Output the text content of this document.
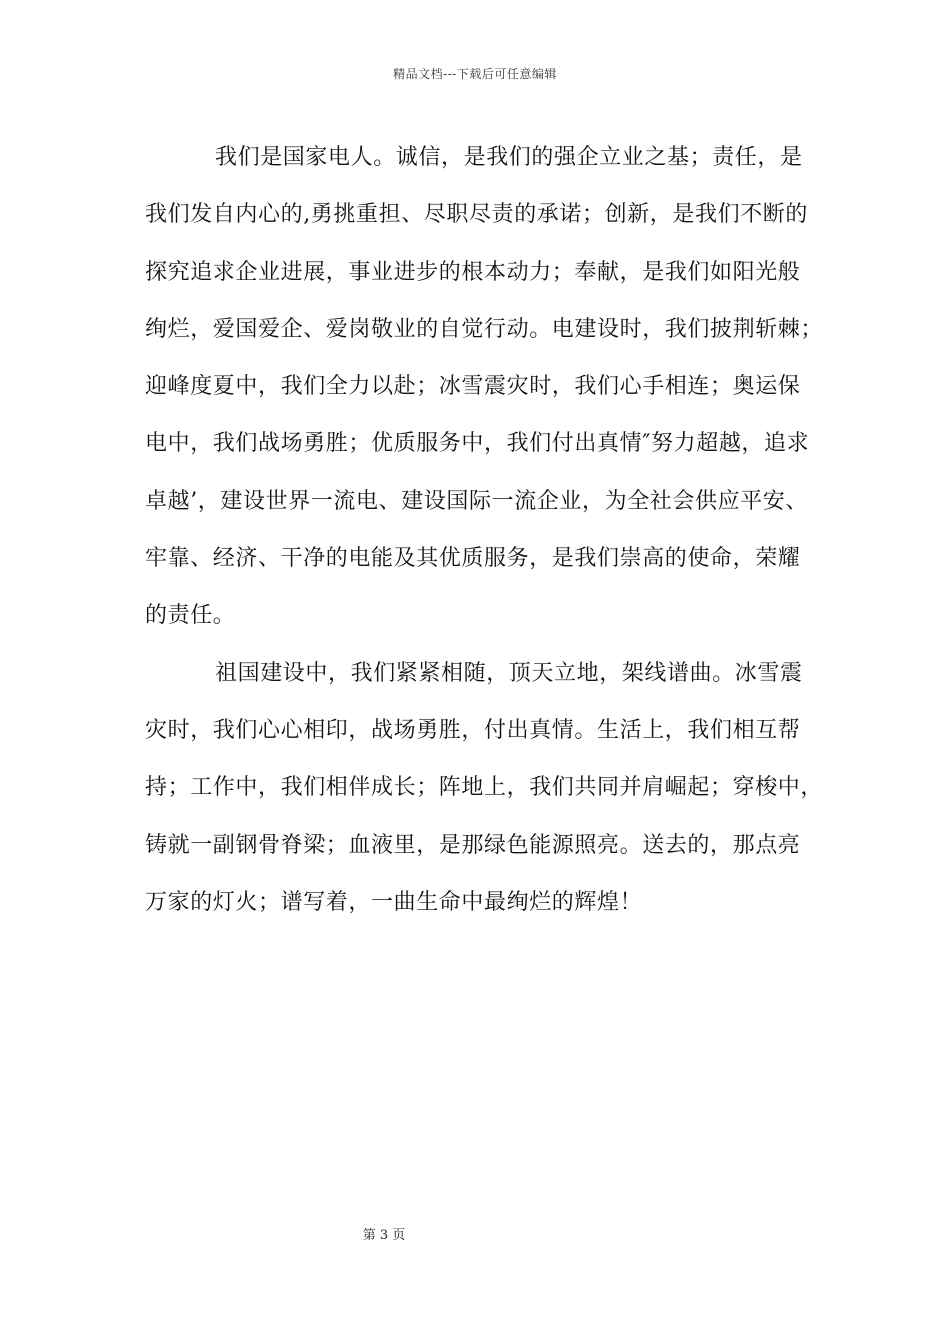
精品文档---下载后可任意编辑
我们是国家电人。诚信，是我们的强企立业之基；责任，是
我们发自内心的,勇挑重担、尽职尽责的承诺；创新，是我们不断的
探究追求企业进展，事业进步的根本动力；奉献，是我们如阳光般
绚烂，爱国爱企、爱岗敬业的自觉行动。电建设时，我们披荆斩棘；
迎峰度夏中，我们全力以赴；冰雪震灾时，我们心手相连；奥运保
电中，我们战场勇胜；优质服务中，我们付出真情″努力超越，追求
卓越’，建设世界一流电、建设国际一流企业，为全社会供应平安、
牢靠、经济、干净的电能及其优质服务，是我们崇高的使命，荣耀
的责任。
祖国建设中，我们紧紧相随，顶天立地，架线谱曲。冰雪震
灾时，我们心心相印，战场勇胜，付出真情。生活上，我们相互帮
持；工作中，我们相伴成长；阵地上，我们共同并肩崛起；穿梭中，
铸就一副钢骨脊梁；血液里，是那绿色能源照亮。送去的，那点亮
万家的灯火；谱写着，一曲生命中最绚烂的辉煌！
第 3 页
